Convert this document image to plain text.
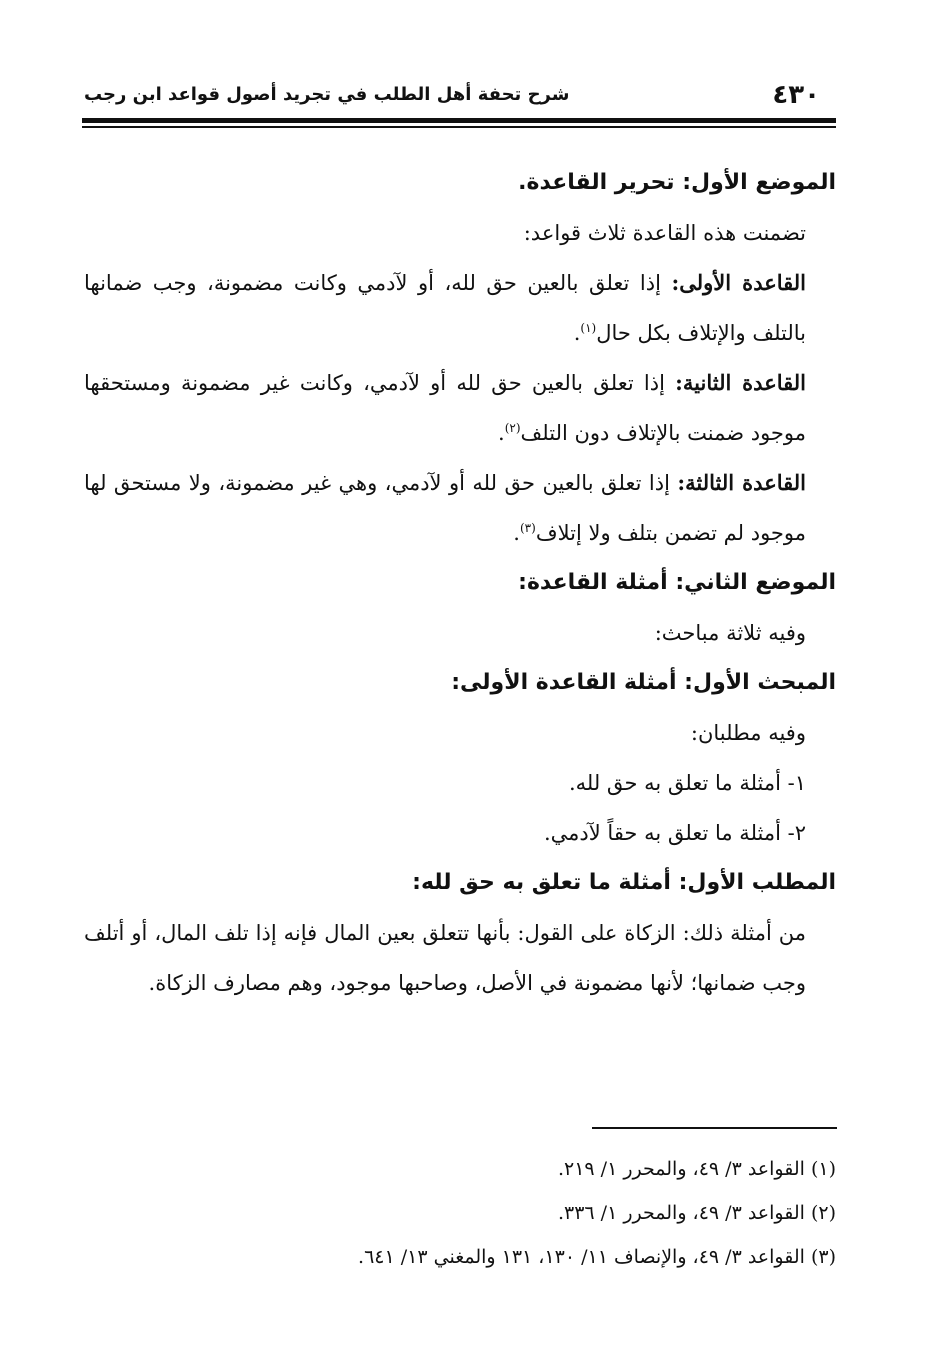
٤٣٠
شرح تحفة أهل الطلب في تجريد أصول قواعد ابن رجب

الموضع الأول: تحرير القاعدة.

تضمنت هذه القاعدة ثلاث قواعد:

القاعدة الأولى: إذا تعلق بالعين حق لله، أو لآدمي وكانت مضمونة، وجب ضمانها بالتلف والإتلاف بكل حال$^{(١)}$.

القاعدة الثانية: إذا تعلق بالعين حق لله أو لآدمي، وكانت غير مضمونة ومستحقها موجود ضمنت بالإتلاف دون التلف$^{(٢)}$.

القاعدة الثالثة: إذا تعلق بالعين حق لله أو لآدمي، وهي غير مضمونة، ولا مستحق لها موجود لم تضمن بتلف ولا إتلاف$^{(٣)}$.

الموضع الثاني: أمثلة القاعدة:

وفيه ثلاثة مباحث:

المبحث الأول: أمثلة القاعدة الأولى:

وفيه مطلبان:

١- أمثلة ما تعلق به حق لله.

٢- أمثلة ما تعلق به حقاً لآدمي.

المطلب الأول: أمثلة ما تعلق به حق لله:

من أمثلة ذلك: الزكاة على القول: بأنها تتعلق بعين المال فإنه إذا تلف المال، أو أتلف وجب ضمانها؛ لأنها مضمونة في الأصل، وصاحبها موجود، وهم مصارف الزكاة.

(١) القواعد ٣/ ٤٩، والمحرر ١/ ٢١٩.

(٢) القواعد ٣/ ٤٩، والمحرر ١/ ٣٣٦.

(٣) القواعد ٣/ ٤٩، والإنصاف ١١/ ١٣٠، ١٣١ والمغني ١٣/ ٦٤١.
